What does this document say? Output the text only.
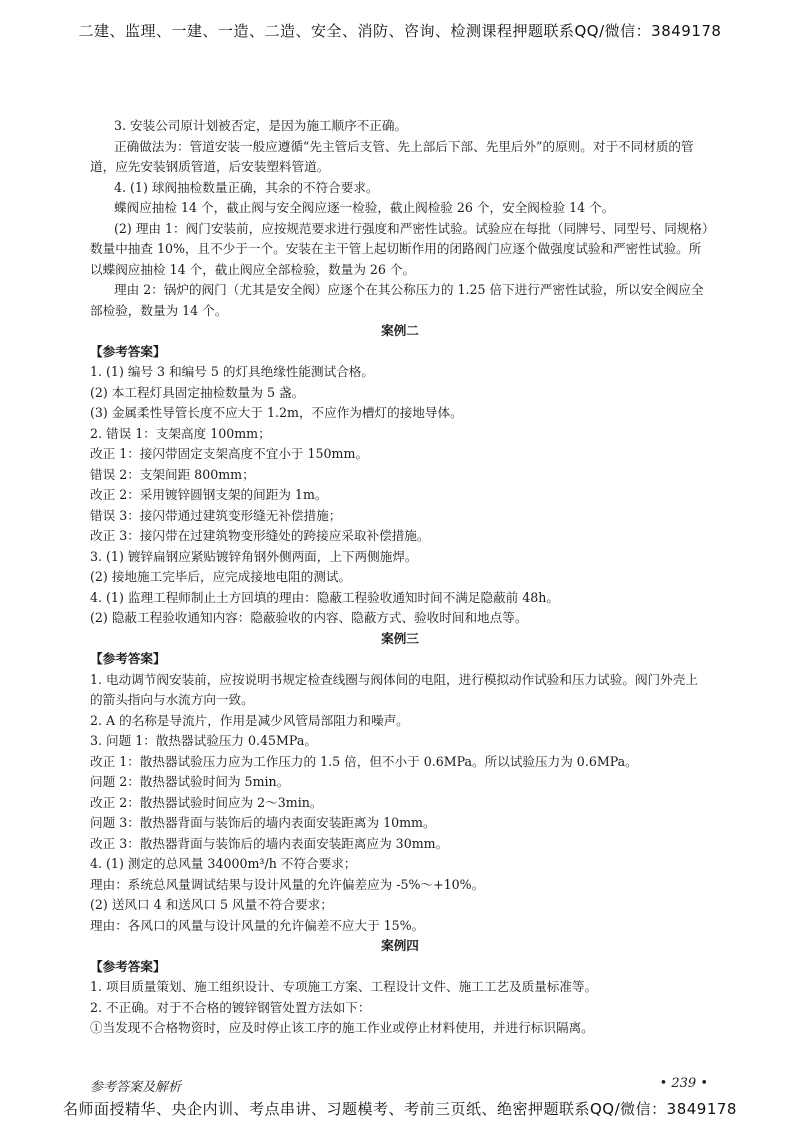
二建、监理、一建、一造、二造、安全、消防、咨询、检测课程押题联系QQ/微信：3849178

3. 安装公司原计划被否定，是因为施工顺序不正确。

正确做法为：管道安装一般应遵循“先主管后支管、先上部后下部、先里后外”的原则。对于不同材质的管道，应先安装钢质管道，后安装塑料管道。

4. (1) 球阀抽检数量正确，其余的不符合要求。

蝶阀应抽检 14 个，截止阀与安全阀应逐一检验，截止阀检验 26 个，安全阀检验 14 个。

(2) 理由 1：阀门安装前，应按规范要求进行强度和严密性试验。试验应在每批（同牌号、同型号、同规格）数量中抽查 10%，且不少于一个。安装在主干管上起切断作用的闭路阀门应逐个做强度试验和严密性试验。所以蝶阀应抽检 14 个，截止阀应全部检验，数量为 26 个。

理由 2：锅炉的阀门（尤其是安全阀）应逐个在其公称压力的 1.25 倍下进行严密性试验，所以安全阀应全部检验，数量为 14 个。

案例二

【参考答案】

1. (1) 编号 3 和编号 5 的灯具绝缘性能测试合格。

(2) 本工程灯具固定抽检数量为 5 盏。

(3) 金属柔性导管长度不应大于 1.2m，不应作为槽灯的接地导体。

2. 错误 1：支架高度 100mm；

改正 1：接闪带固定支架高度不宜小于 150mm。

错误 2：支架间距 800mm；

改正 2：采用镀锌圆钢支架的间距为 1m。

错误 3：接闪带通过建筑变形缝无补偿措施；

改正 3：接闪带在过建筑物变形缝处的跨接应采取补偿措施。

3. (1) 镀锌扁钢应紧贴镀锌角钢外侧两面，上下两侧施焊。

(2) 接地施工完毕后，应完成接地电阻的测试。

4. (1) 监理工程师制止土方回填的理由：隐蔽工程验收通知时间不满足隐蔽前 48h。

(2) 隐蔽工程验收通知内容：隐蔽验收的内容、隐蔽方式、验收时间和地点等。

案例三

【参考答案】

1. 电动调节阀安装前，应按说明书规定检查线圈与阀体间的电阻，进行模拟动作试验和压力试验。阀门外壳上的箭头指向与水流方向一致。

2. A 的名称是导流片，作用是减少风管局部阻力和噪声。

3. 问题 1：散热器试验压力 0.45MPa。

改正 1：散热器试验压力应为工作压力的 1.5 倍，但不小于 0.6MPa。所以试验压力为 0.6MPa。

问题 2：散热器试验时间为 5min。

改正 2：散热器试验时间应为 2～3min。

问题 3：散热器背面与装饰后的墙内表面安装距离为 10mm。

改正 3：散热器背面与装饰后的墙内表面安装距离应为 30mm。

4. (1) 测定的总风量 34000m³/h 不符合要求；

理由：系统总风量调试结果与设计风量的允许偏差应为 -5%～+10%。

(2) 送风口 4 和送风口 5 风量不符合要求；

理由：各风口的风量与设计风量的允许偏差不应大于 15%。

案例四

【参考答案】

1. 项目质量策划、施工组织设计、专项施工方案、工程设计文件、施工工艺及质量标准等。

2. 不正确。对于不合格的镀锌钢管处置方法如下：

①当发现不合格物资时，应及时停止该工序的施工作业或停止材料使用，并进行标识隔离。

参考答案及解析	• 239 •
名师面授精华、央企内训、考点串讲、习题模考、考前三页纸、绝密押题联系QQ/微信：3849178
